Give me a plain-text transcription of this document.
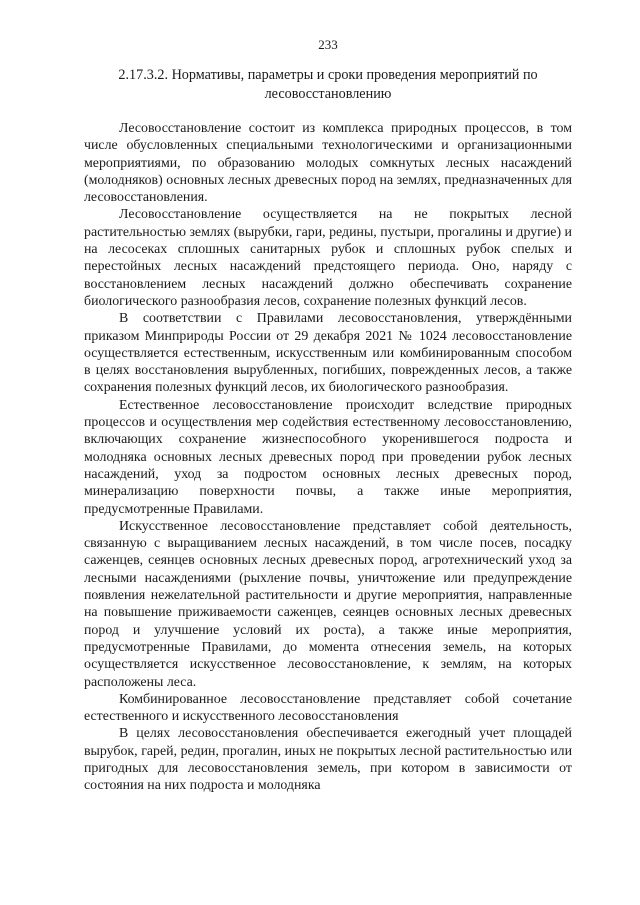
233
2.17.3.2. Нормативы, параметры и сроки проведения мероприятий по лесовосстановлению

Лесовосстановление состоит из комплекса природных процессов, в том числе обусловленных специальными технологическими и организационными мероприятиями, по образованию молодых сомкнутых лесных насаждений (молодняков) основных лесных древесных пород на землях, предназначенных для лесовосстановления.

Лесовосстановление осуществляется на не покрытых лесной растительностью землях (вырубки, гари, редины, пустыри, прогалины и другие) и на лесосеках сплошных санитарных рубок и сплошных рубок спелых и перестойных лесных насаждений предстоящего периода. Оно, наряду с восстановлением лесных насаждений должно обеспечивать сохранение биологического разнообразия лесов, сохранение полезных функций лесов.

В соответствии с Правилами лесовосстановления, утверждёнными приказом Минприроды России от 29 декабря 2021 № 1024 лесовосстановление осуществляется естественным, искусственным или комбинированным способом в целях восстановления вырубленных, погибших, поврежденных лесов, а также сохранения полезных функций лесов, их биологического разнообразия.

Естественное лесовосстановление происходит вследствие природных процессов и осуществления мер содействия естественному лесовосстановлению, включающих сохранение жизнеспособного укоренившегося подроста и молодняка основных лесных древесных пород при проведении рубок лесных насаждений, уход за подростом основных лесных древесных пород, минерализацию поверхности почвы, а также иные мероприятия, предусмотренные Правилами.

Искусственное лесовосстановление представляет собой деятельность, связанную с выращиванием лесных насаждений, в том числе посев, посадку саженцев, сеянцев основных лесных древесных пород, агротехнический уход за лесными насаждениями (рыхление почвы, уничтожение или предупреждение появления нежелательной растительности и другие мероприятия, направленные на повышение приживаемости саженцев, сеянцев основных лесных древесных пород и улучшение условий их роста), а также иные мероприятия, предусмотренные Правилами, до момента отнесения земель, на которых осуществляется искусственное лесовосстановление, к землям, на которых расположены леса.

Комбинированное лесовосстановление представляет собой сочетание естественного и искусственного лесовосстановления

В целях лесовосстановления обеспечивается ежегодный учет площадей вырубок, гарей, редин, прогалин, иных не покрытых лесной растительностью или пригодных для лесовосстановления земель, при котором в зависимости от состояния на них подроста и молодняка
